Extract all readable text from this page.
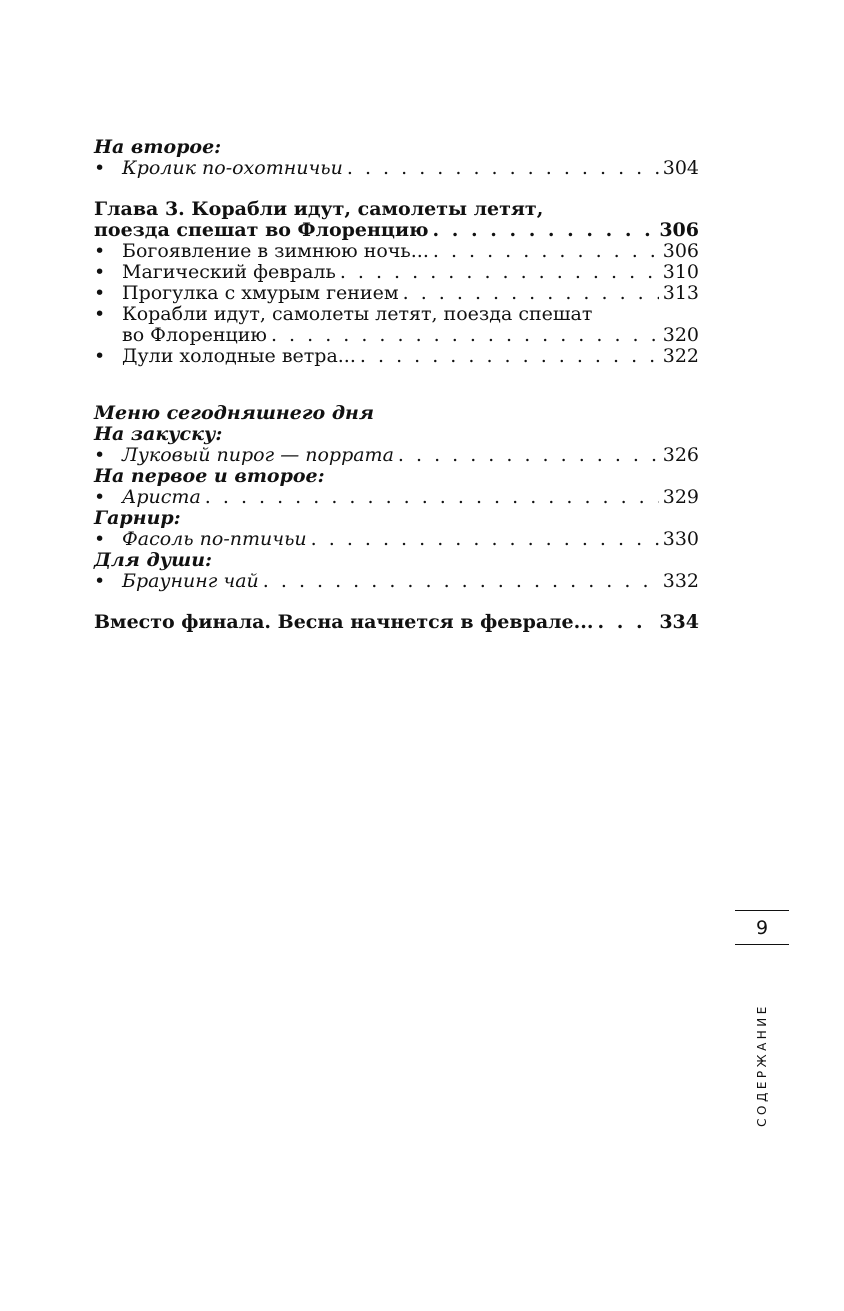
На второе:
• Кролик по-охотничьи . . .	304
Глава 3. Корабли идут, самолеты летят,
поезда спешат во Флоренцию . . .	306
• Богоявление в зимнюю ночь... . . .	306
• Магический февраль . . .	310
• Прогулка с хмурым гением . . .	313
• Корабли идут, самолеты летят, поезда спешат
во Флоренцию . . .	320
• Дули холодные ветра... . . .	322
Меню сегодняшнего дня
На закуску:
• Луковый пирог — поррата . . .	326
На первое и второе:
• Ариста . . .	329
Гарнир:
• Фасоль по-птичьи . . .	330
Для души:
• Браунинг чай . . .	332
Вместо финала. Весна начнется в феврале... . . .	334
9
СОДЕРЖАНИЕ
